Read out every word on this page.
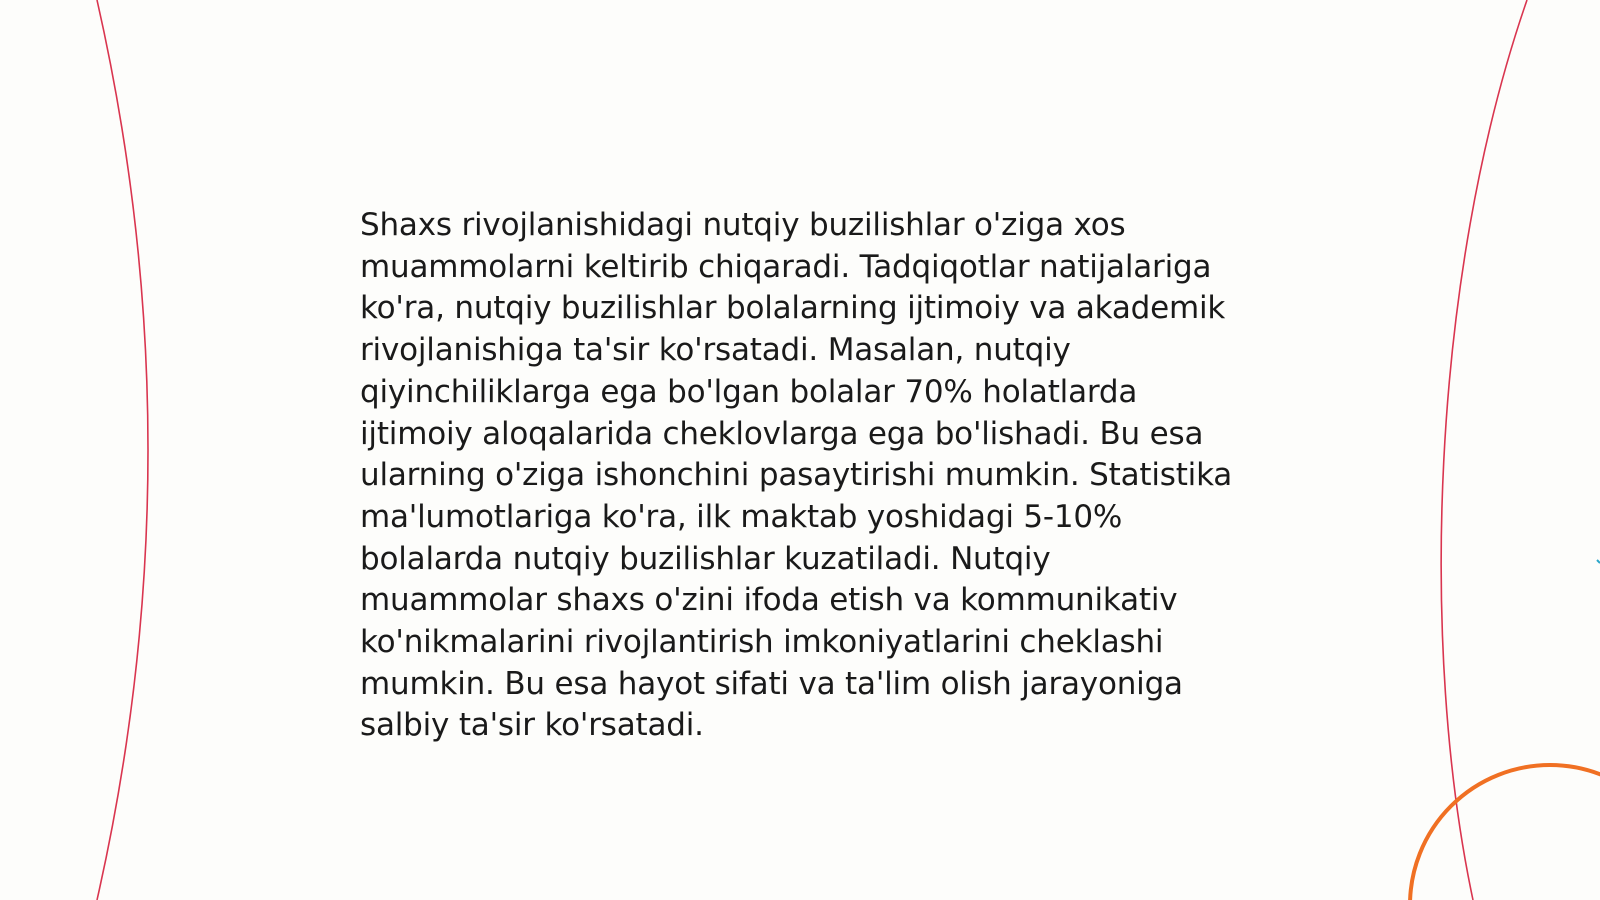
Shaxs rivojlanishidagi nutqiy buzilishlar o'ziga xos muammolarni keltirib chiqaradi. Tadqiqotlar natijalariga ko'ra, nutqiy buzilishlar bolalarning ijtimoiy va akademik rivojlanishiga ta'sir ko'rsatadi. Masalan, nutqiy qiyinchiliklarga ega bo'lgan bolalar 70% holatlarda ijtimoiy aloqalarida cheklovlarga ega bo'lishadi. Bu esa ularning o'ziga ishonchini pasaytirishi mumkin. Statistika ma'lumotlariga ko'ra, ilk maktab yoshidagi 5-10% bolalarda nutqiy buzilishlar kuzatiladi. Nutqiy muammolar shaxs o'zini ifoda etish va kommunikativ ko'nikmalarini rivojlantirish imkoniyatlarini cheklashi mumkin. Bu esa hayot sifati va ta'lim olish jarayoniga salbiy ta'sir ko'rsatadi.
